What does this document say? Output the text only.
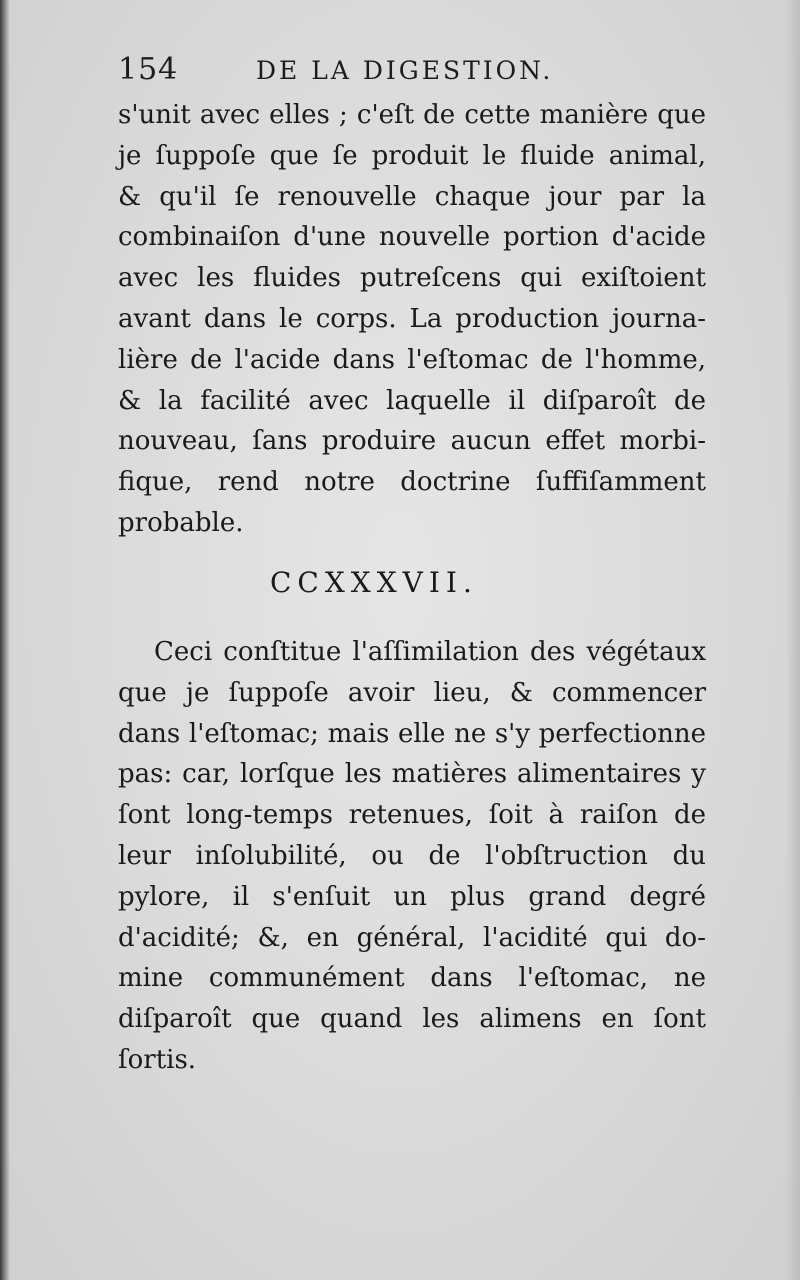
154	DE LA DIGESTION.
s'unit avec elles ; c'eſt de cette manière que
je ſuppoſe que ſe produit le fluide animal,
& qu'il ſe renouvelle chaque jour par la
combinaiſon d'une nouvelle portion d'acide
avec les fluides putreſcens qui exiſtoient
avant dans le corps. La production journa-
lière de l'acide dans l'eſtomac de l'homme,
& la facilité avec laquelle il diſparoît de
nouveau, ſans produire aucun effet morbi-
fique, rend notre doctrine ſuffiſamment
probable.
CCXXXVII.
Ceci conſtitue l'aſſimilation des végétaux
que je ſuppoſe avoir lieu, & commencer
dans l'eſtomac; mais elle ne s'y perfectionne
pas: car, lorſque les matières alimentaires y
ſont long-temps retenues, ſoit à raiſon de
leur inſolubilité, ou de l'obſtruction du
pylore, il s'enſuit un plus grand degré
d'acidité; &, en général, l'acidité qui do-
mine communément dans l'eſtomac, ne
diſparoît que quand les alimens en ſont
ſortis.
